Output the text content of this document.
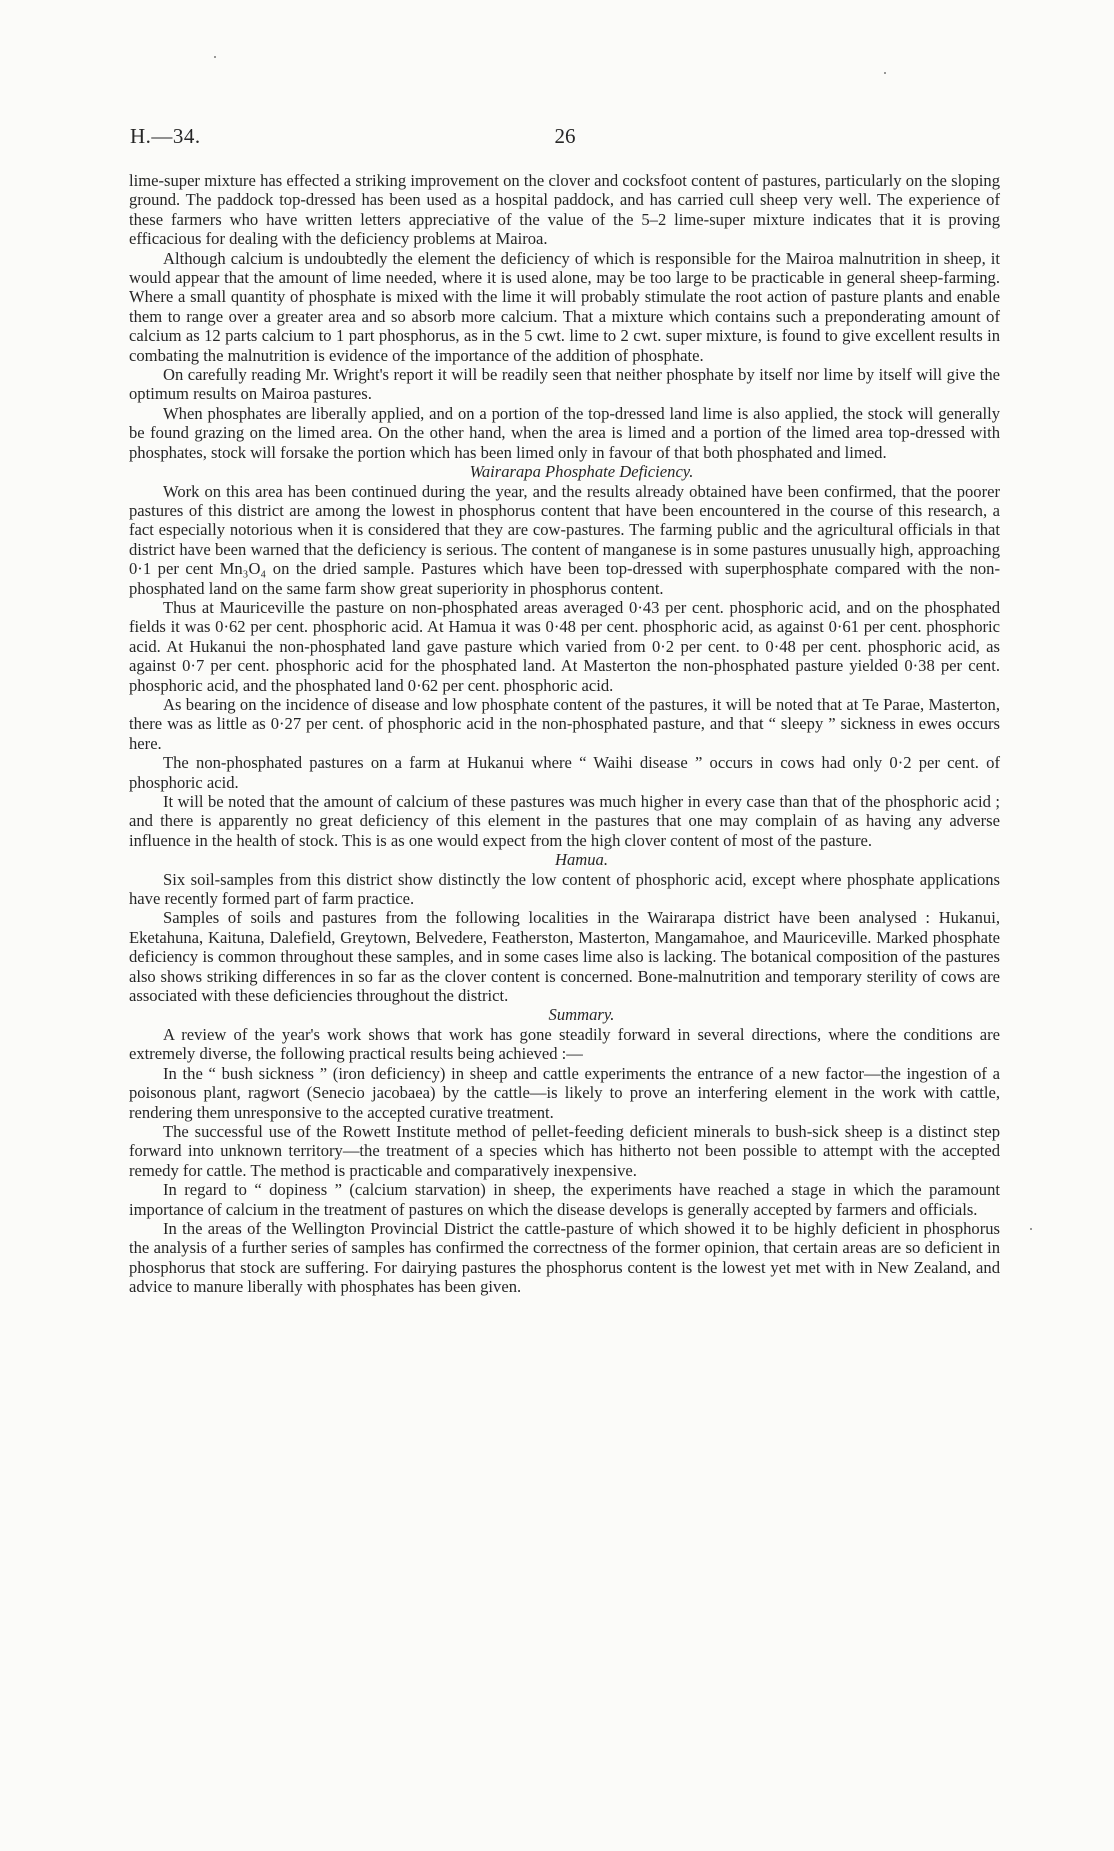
26
H.—34.

lime-super mixture has effected a striking improvement on the clover and cocksfoot content of pastures, particularly on the sloping ground. The paddock top-dressed has been used as a hospital paddock, and has carried cull sheep very well. The experience of these farmers who have written letters appreciative of the value of the 5–2 lime-super mixture indicates that it is proving efficacious for dealing with the deficiency problems at Mairoa.

Although calcium is undoubtedly the element the deficiency of which is responsible for the Mairoa malnutrition in sheep, it would appear that the amount of lime needed, where it is used alone, may be too large to be practicable in general sheep-farming. Where a small quantity of phosphate is mixed with the lime it will probably stimulate the root action of pasture plants and enable them to range over a greater area and so absorb more calcium. That a mixture which contains such a preponderating amount of calcium as 12 parts calcium to 1 part phosphorus, as in the 5 cwt. lime to 2 cwt. super mixture, is found to give excellent results in combating the malnutrition is evidence of the importance of the addition of phosphate.

On carefully reading Mr. Wright's report it will be readily seen that neither phosphate by itself nor lime by itself will give the optimum results on Mairoa pastures.

When phosphates are liberally applied, and on a portion of the top-dressed land lime is also applied, the stock will generally be found grazing on the limed area. On the other hand, when the area is limed and a portion of the limed area top-dressed with phosphates, stock will forsake the portion which has been limed only in favour of that both phosphated and limed.

Wairarapa Phosphate Deficiency.

Work on this area has been continued during the year, and the results already obtained have been confirmed, that the poorer pastures of this district are among the lowest in phosphorus content that have been encountered in the course of this research, a fact especially notorious when it is considered that they are cow-pastures. The farming public and the agricultural officials in that district have been warned that the deficiency is serious. The content of manganese is in some pastures unusually high, approaching 0·1 per cent Mn₃O₄ on the dried sample. Pastures which have been top-dressed with superphosphate compared with the non-phosphated land on the same farm show great superiority in phosphorus content.

Thus at Mauriceville the pasture on non-phosphated areas averaged 0·43 per cent. phosphoric acid, and on the phosphated fields it was 0·62 per cent. phosphoric acid. At Hamua it was 0·48 per cent. phosphoric acid, as against 0·61 per cent. phosphoric acid. At Hukanui the non-phosphated land gave pasture which varied from 0·2 per cent. to 0·48 per cent. phosphoric acid, as against 0·7 per cent. phosphoric acid for the phosphated land. At Masterton the non-phosphated pasture yielded 0·38 per cent. phosphoric acid, and the phosphated land 0·62 per cent. phosphoric acid.

As bearing on the incidence of disease and low phosphate content of the pastures, it will be noted that at Te Parae, Masterton, there was as little as 0·27 per cent. of phosphoric acid in the non-phosphated pasture, and that “ sleepy ” sickness in ewes occurs here.

The non-phosphated pastures on a farm at Hukanui where “ Waihi disease ” occurs in cows had only 0·2 per cent. of phosphoric acid.

It will be noted that the amount of calcium of these pastures was much higher in every case than that of the phosphoric acid ; and there is apparently no great deficiency of this element in the pastures that one may complain of as having any adverse influence in the health of stock. This is as one would expect from the high clover content of most of the pasture.

Hamua.

Six soil-samples from this district show distinctly the low content of phosphoric acid, except where phosphate applications have recently formed part of farm practice.

Samples of soils and pastures from the following localities in the Wairarapa district have been analysed : Hukanui, Eketahuna, Kaituna, Dalefield, Greytown, Belvedere, Featherston, Masterton, Mangamahoe, and Mauriceville. Marked phosphate deficiency is common throughout these samples, and in some cases lime also is lacking. The botanical composition of the pastures also shows striking differences in so far as the clover content is concerned. Bone-malnutrition and temporary sterility of cows are associated with these deficiencies throughout the district.

Summary.

A review of the year's work shows that work has gone steadily forward in several directions, where the conditions are extremely diverse, the following practical results being achieved :—

In the “ bush sickness ” (iron deficiency) in sheep and cattle experiments the entrance of a new factor—the ingestion of a poisonous plant, ragwort (Senecio jacobaea) by the cattle—is likely to prove an interfering element in the work with cattle, rendering them unresponsive to the accepted curative treatment.

The successful use of the Rowett Institute method of pellet-feeding deficient minerals to bush-sick sheep is a distinct step forward into unknown territory—the treatment of a species which has hitherto not been possible to attempt with the accepted remedy for cattle. The method is practicable and comparatively inexpensive.

In regard to “ dopiness ” (calcium starvation) in sheep, the experiments have reached a stage in which the paramount importance of calcium in the treatment of pastures on which the disease develops is generally accepted by farmers and officials.

In the areas of the Wellington Provincial District the cattle-pasture of which showed it to be highly deficient in phosphorus the analysis of a further series of samples has confirmed the correctness of the former opinion, that certain areas are so deficient in phosphorus that stock are suffering. For dairying pastures the phosphorus content is the lowest yet met with in New Zealand, and advice to manure liberally with phosphates has been given.
